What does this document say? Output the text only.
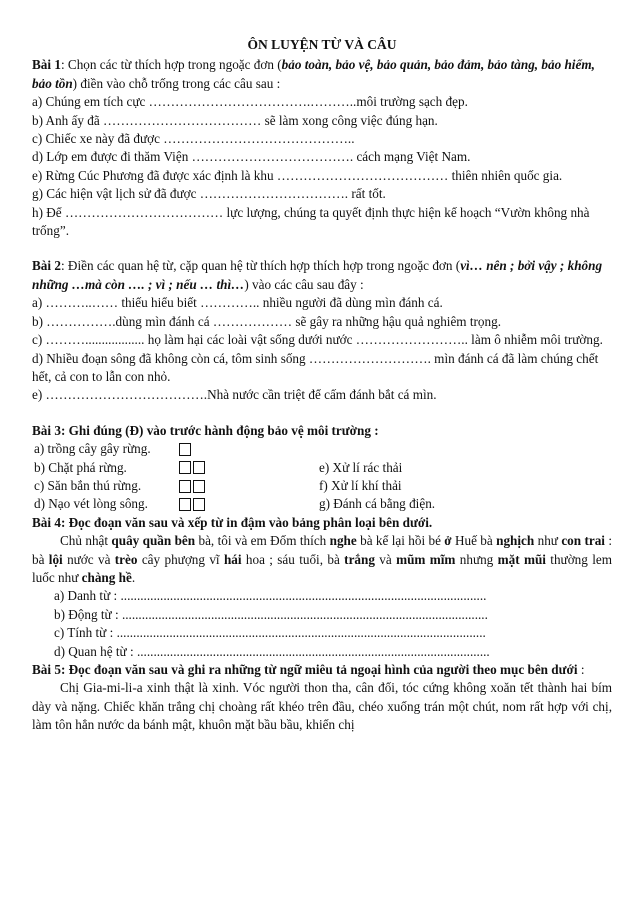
ÔN LUYỆN TỪ VÀ CÂU

Bài 1: Chọn các từ thích hợp trong ngoặc đơn (bảo toàn, bảo vệ, bảo quản, bảo đảm, bảo tàng, bảo hiểm, bảo tồn) điền vào chỗ trống trong các câu sau :

a) Chúng em tích cực ……………………………….………..môi trường sạch đẹp.

b) Anh ấy đã ……………………………… sẽ làm xong công việc đúng hạn.

c) Chiếc xe này đã được ……………………………………..

d) Lớp em được đi thăm Viện ………………………………. cách mạng Việt Nam.

e) Rừng Cúc Phương đã được xác định là khu ………………………………… thiên nhiên quốc gia.

g) Các hiện vật lịch sử đã được ……………………………. rất tốt.

h) Để ……………………………… lực lượng, chúng ta quyết định thực hiện kế hoạch “Vườn không nhà trống”.

Bài 2: Điền các quan hệ từ, cặp quan hệ từ thích hợp thích hợp trong ngoặc đơn (vì… nên ; bởi vậy ; không những …mà còn …. ; vì ; nếu … thì…) vào các câu sau đây :

a) ………..…… thiếu hiểu biết ………….. nhiều người đã dùng mìn đánh cá.

b) …………….dùng mìn đánh cá ……………… sẽ gây ra những hậu quả nghiêm trọng.

c) ……….................. họ làm hại các loài vật sống dưới nước …………………….. làm ô nhiễm môi trường.

d) Nhiều đoạn sông đã không còn cá, tôm sinh sống ………………………. mìn đánh cá đã làm chúng chết hết, cả con to lẫn con nhỏ.

e) ……………………………….Nhà nước cần triệt để cấm đánh bắt cá mìn.

Bài 3: Ghi đúng (Đ) vào trước hành động bảo vệ môi trường :

a) trồng cây gây rừng.
b) Chặt phá rừng.	e) Xử lí rác thải
c) Săn bắn thú rừng.	f) Xử lí khí thải
d) Nạo vét lòng sông.	g) Đánh cá bằng điện.

Bài 4: Đọc đoạn văn sau và xếp từ in đậm vào bảng phân loại bên dưới.

Chủ nhật quây quần bên bà, tôi và em Đốm thích nghe bà kể lại hồi bé ở Huế bà nghịch như con trai : bà lội nước và trèo cây phượng vĩ hái hoa ; sáu tuổi, bà trắng và mũm mĩm nhưng mặt mũi thường lem luốc như chàng hề.

a) Danh từ : ...............................................................................................................

b) Động từ : ...............................................................................................................

c) Tính từ : ................................................................................................................

d) Quan hệ từ : ...........................................................................................................

Bài 5: Đọc đoạn văn sau và ghi ra những từ ngữ miêu tả ngoại hình của người theo mục bên dưới :

Chị Gia-mi-li-a xinh thật là xinh. Vóc người thon tha, cân đối, tóc cứng không xoăn tết thành hai bím dày và nặng. Chiếc khăn trắng chị choàng rất khéo trên đầu, chéo xuống trán một chút, nom rất hợp với chị, làm tôn hẳn nước da bánh mật, khuôn mặt bầu bầu, khiến chị
